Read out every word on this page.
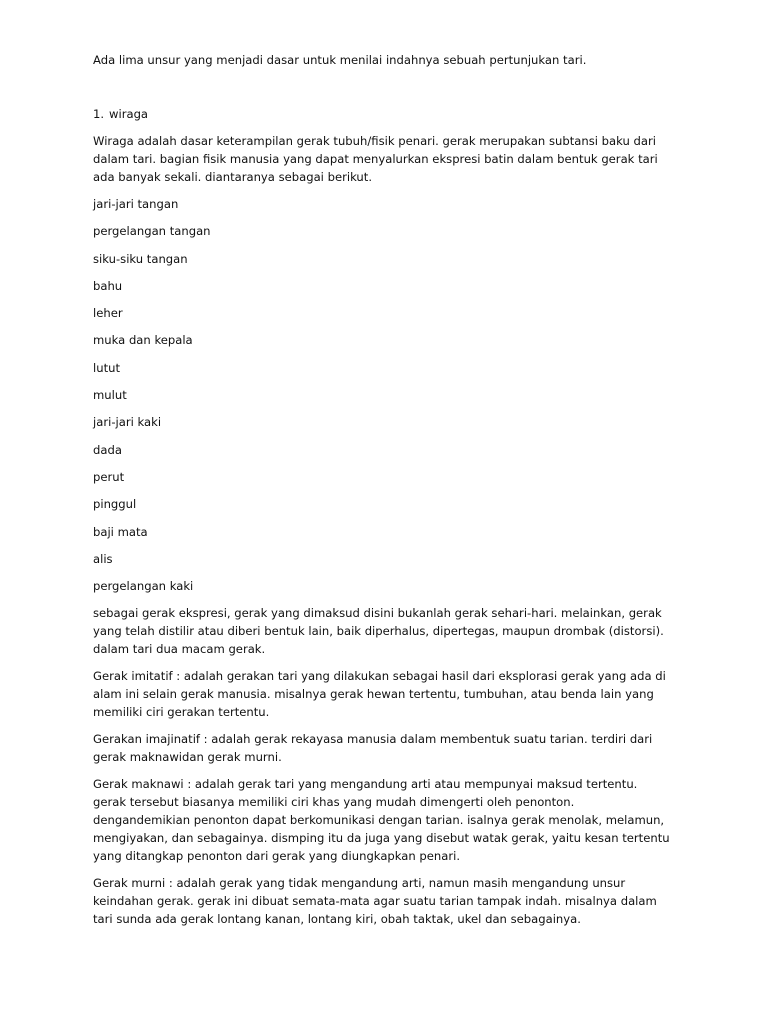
Ada lima unsur yang menjadi dasar untuk menilai indahnya sebuah pertunjukan tari.

1. wiraga

Wiraga adalah dasar keterampilan gerak tubuh/fisik penari. gerak merupakan subtansi baku dari dalam tari. bagian fisik manusia yang dapat menyalurkan ekspresi batin dalam bentuk gerak tari ada banyak sekali. diantaranya sebagai berikut.

jari-jari tangan
pergelangan tangan
siku-siku tangan
bahu
leher
muka dan kepala
lutut
mulut
jari-jari kaki
dada
perut
pinggul
baji mata
alis
pergelangan kaki

sebagai gerak ekspresi, gerak yang dimaksud disini bukanlah gerak sehari-hari. melainkan, gerak yang telah distilir atau diberi bentuk lain, baik diperhalus, dipertegas, maupun drombak (distorsi). dalam tari dua macam gerak.

Gerak imitatif : adalah gerakan tari yang dilakukan sebagai hasil dari eksplorasi gerak yang ada di alam ini selain gerak manusia. misalnya gerak hewan tertentu, tumbuhan, atau benda lain yang memiliki ciri gerakan tertentu.

Gerakan imajinatif : adalah gerak rekayasa manusia dalam membentuk suatu tarian. terdiri dari gerak maknawidan gerak murni.

Gerak maknawi : adalah gerak tari yang mengandung arti atau mempunyai maksud tertentu. gerak tersebut biasanya memiliki ciri khas yang mudah dimengerti oleh penonton. dengandemikian penonton dapat berkomunikasi dengan tarian. isalnya gerak menolak, melamun, mengiyakan, dan sebagainya. dismping itu da juga yang disebut watak gerak, yaitu kesan tertentu yang ditangkap penonton dari gerak yang diungkapkan penari.

Gerak murni : adalah gerak yang tidak mengandung arti, namun masih mengandung unsur keindahan gerak. gerak ini dibuat semata-mata agar suatu tarian tampak indah. misalnya dalam tari sunda ada gerak lontang kanan, lontang kiri, obah taktak, ukel dan sebagainya.
